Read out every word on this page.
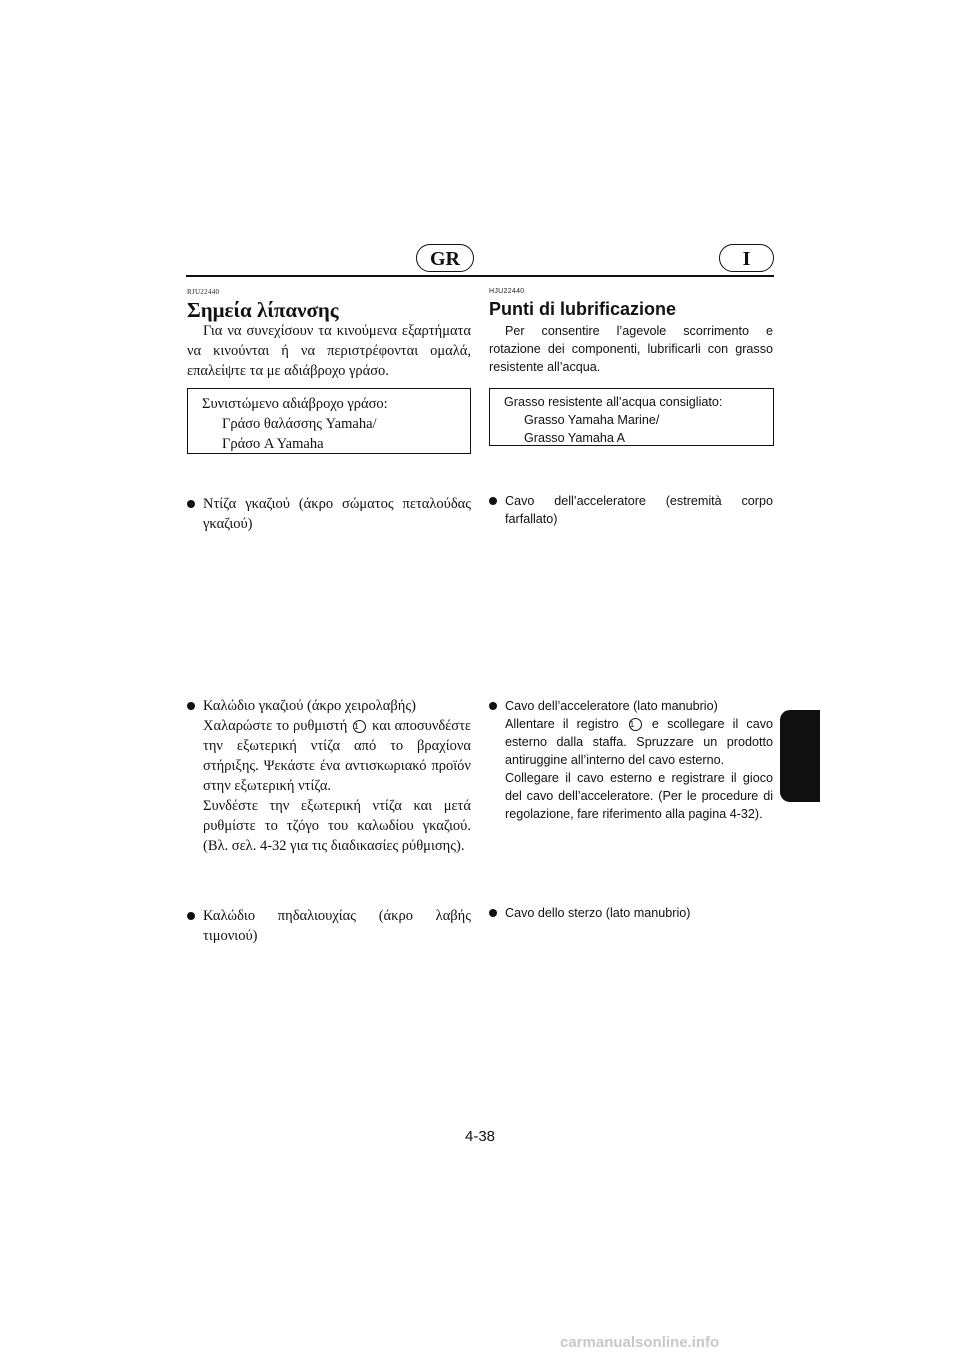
GR	I
RJU22440
Σημεία λίπανσης
Για να συνεχίσουν τα κινούμενα εξαρτήματα να κινούνται ή να περιστρέφονται ομαλά, επαλείψτε τα με αδιάβροχο γράσο.
Συνιστώμενο αδιάβροχο γράσο:
Γράσο θαλάσσης Yamaha/
Γράσο A Yamaha
Ντίζα γκαζιού (άκρο σώματος πεταλούδας γκαζιού)
Καλώδιο γκαζιού (άκρο χειρολαβής)
Χαλαρώστε το ρυθμιστή 1 και αποσυνδέστε την εξωτερική ντίζα από το βραχίονα στήριξης. Ψεκάστε ένα αντισκωριακό προϊόν στην εξωτερική ντίζα.
Συνδέστε την εξωτερική ντίζα και μετά ρυθμίστε το τζόγο του καλωδίου γκαζιού. (Βλ. σελ. 4-32 για τις διαδικασίες ρύθμισης).
Καλώδιο πηδαλιουχίας (άκρο λαβής τιμονιού)
HJU22440
Punti di lubrificazione
Per consentire l’agevole scorrimento e rotazione dei componenti, lubrificarli con grasso resistente all’acqua.
Grasso resistente all’acqua consigliato:
Grasso Yamaha Marine/
Grasso Yamaha A
Cavo dell’acceleratore (estremità corpo farfallato)
Cavo dell’acceleratore (lato manubrio)
Allentare il registro 1 e scollegare il cavo esterno dalla staffa. Spruzzare un prodotto antiruggine all’interno del cavo esterno.
Collegare il cavo esterno e registrare il gioco del cavo dell’acceleratore. (Per le procedure di regolazione, fare riferimento alla pagina 4-32).
Cavo dello sterzo (lato manubrio)
4-38
carmanualsonline.info
